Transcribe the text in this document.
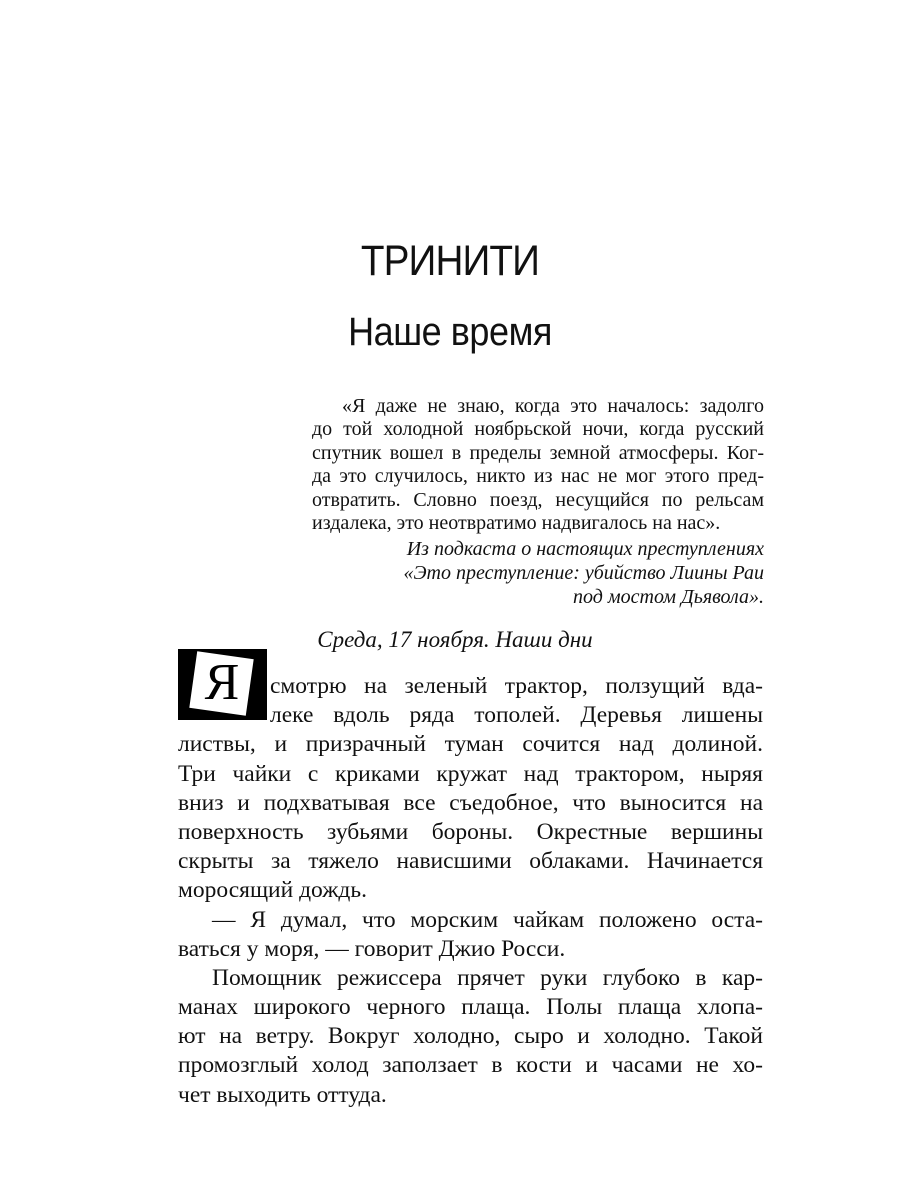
ТРИНИТИ
Наше время
«Я даже не знаю, когда это началось: задолго
до той холодной ноябрьской ночи, когда русский
спутник вошел в пределы земной атмосферы. Ког-
да это случилось, никто из нас не мог этого пред-
отвратить. Словно поезд, несущийся по рельсам
издалека, это неотвратимо надвигалось на нас».
Из подкаста о настоящих преступлениях
«Это преступление: убийство Лиины Раи
под мостом Дьявола».
Среда, 17 ноября. Наши дни
Я	смотрю на зеленый трактор, ползущий вда-
леке вдоль ряда тополей. Деревья лишены
листвы, и призрачный туман сочится над долиной.
Три чайки с криками кружат над трактором, ныряя
вниз и подхватывая все съедобное, что выносится на
поверхность зубьями бороны. Окрестные вершины
скрыты за тяжело нависшими облаками. Начинается
моросящий дождь.
— Я думал, что морским чайкам положено оста-
ваться у моря, — говорит Джио Росси.
Помощник режиссера прячет руки глубоко в кар-
манах широкого черного плаща. Полы плаща хлопа-
ют на ветру. Вокруг холодно, сыро и холодно. Такой
промозглый холод заползает в кости и часами не хо-
чет выходить оттуда.
